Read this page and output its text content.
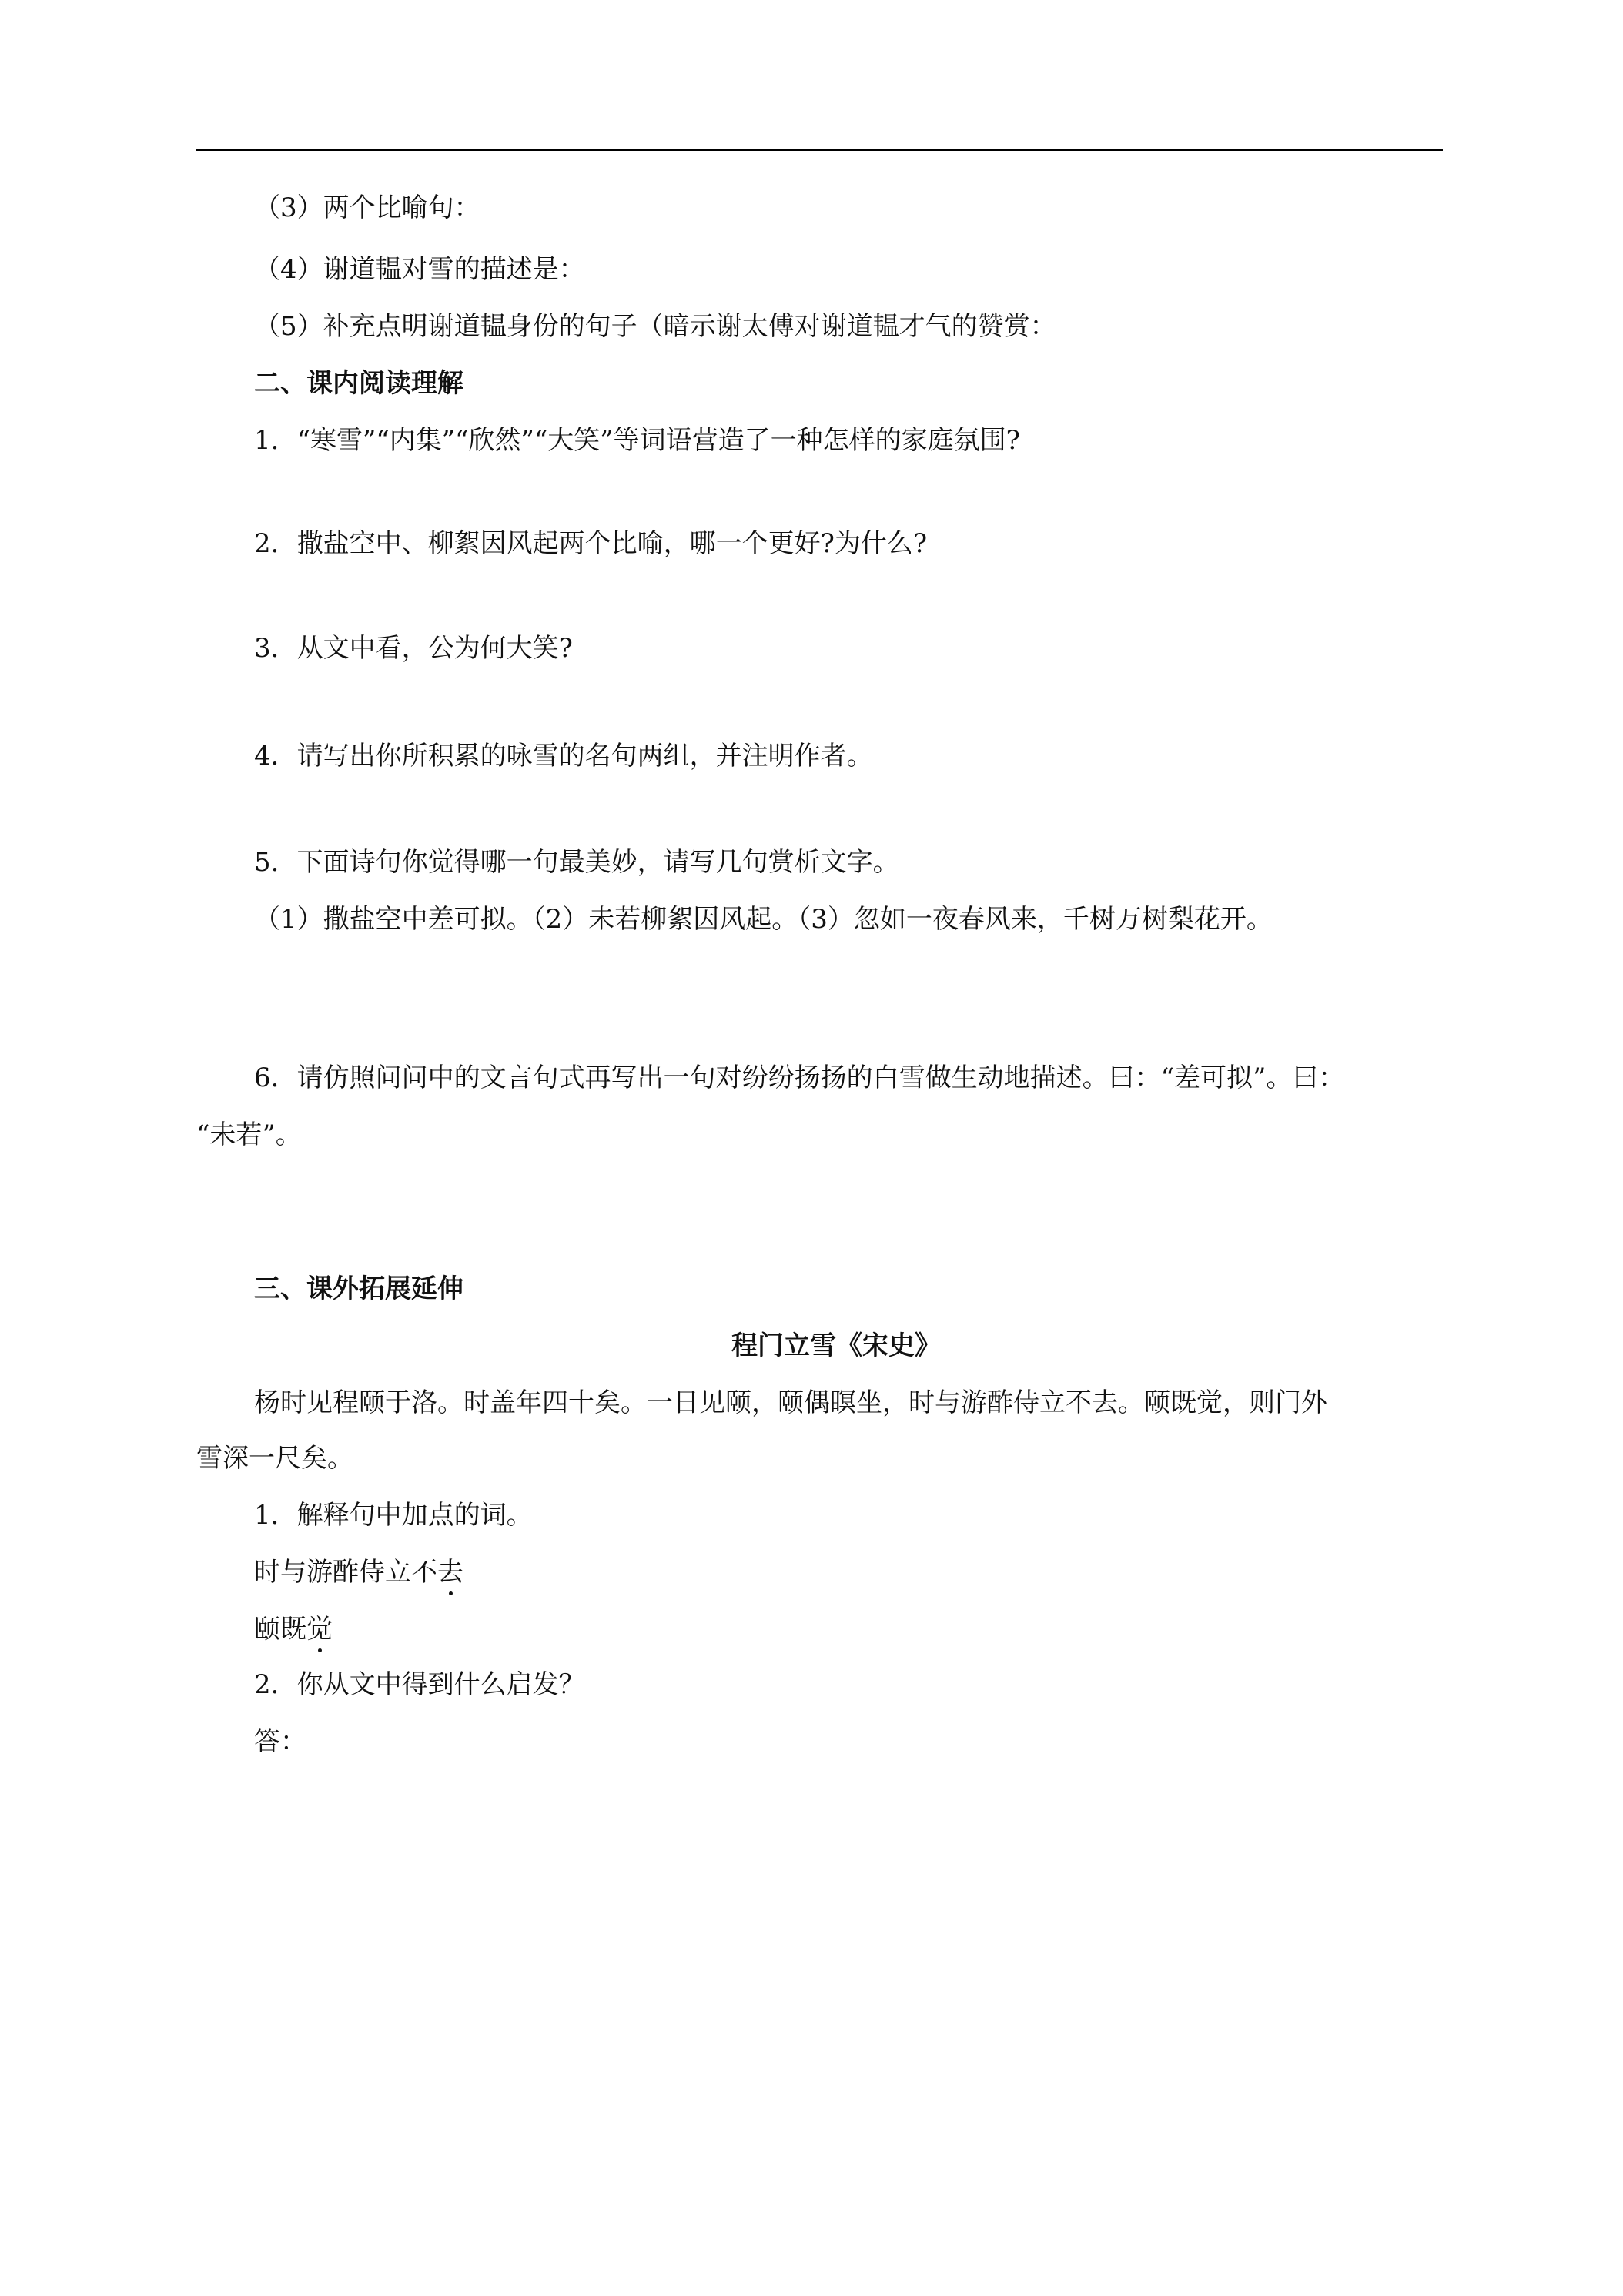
（3）两个比喻句：
（4）谢道韫对雪的描述是：
（5）补充点明谢道韫身份的句子（暗示谢太傅对谢道韫才气的赞赏：
二、课内阅读理解
1．“寒雪”“内集”“欣然”“大笑”等词语营造了一种怎样的家庭氛围?
2．撒盐空中、柳絮因风起两个比喻，哪一个更好?为什么?
3．从文中看，公为何大笑?
4．请写出你所积累的咏雪的名句两组，并注明作者。
5．下面诗句你觉得哪一句最美妙，请写几句赏析文字。
（1）撒盐空中差可拟。（2）未若柳絮因风起。（3）忽如一夜春风来，千树万树梨花开。
6．请仿照问问中的文言句式再写出一句对纷纷扬扬的白雪做生动地描述。曰：“差可拟”。曰：
“未若”。
三、课外拓展延伸
程门立雪《宋史》
杨时见程颐于洛。时盖年四十矣。一日见颐，颐偶瞑坐，时与游酢侍立不去。颐既觉，则门外
雪深一尺矣。
1．解释句中加点的词。
时与游酢侍立不去
颐既觉
2．你从文中得到什么启发？
答：
